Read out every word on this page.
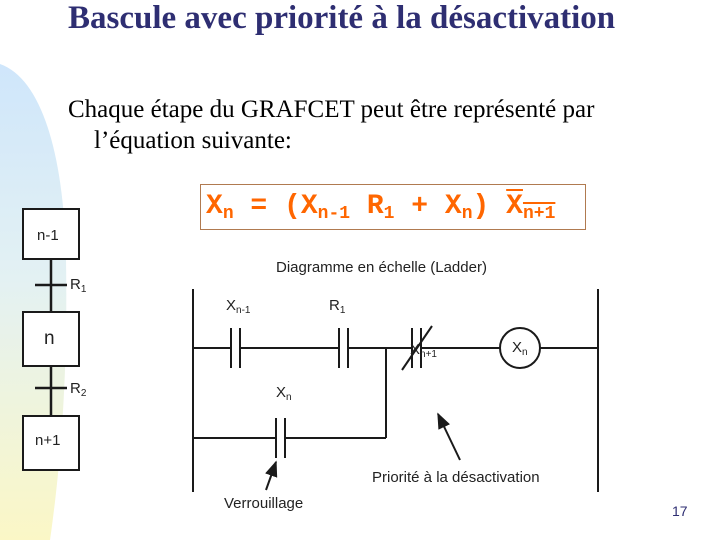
Bascule avec priorité à la désactivation
Chaque étape du GRAFCET peut être représenté par
l’équation suivante:
$X_n = (X_{n-1}$ $R_1 + X_n$) $X_{n+1}$
n-1
n
n+1
$R_1$
$R_2$
Diagramme en échelle (Ladder)
$X_{n-1}$	$R_1$
$X_{n+1}$	$X_n$
$X_n$
Priorité à la désactivation
Verrouillage	17
